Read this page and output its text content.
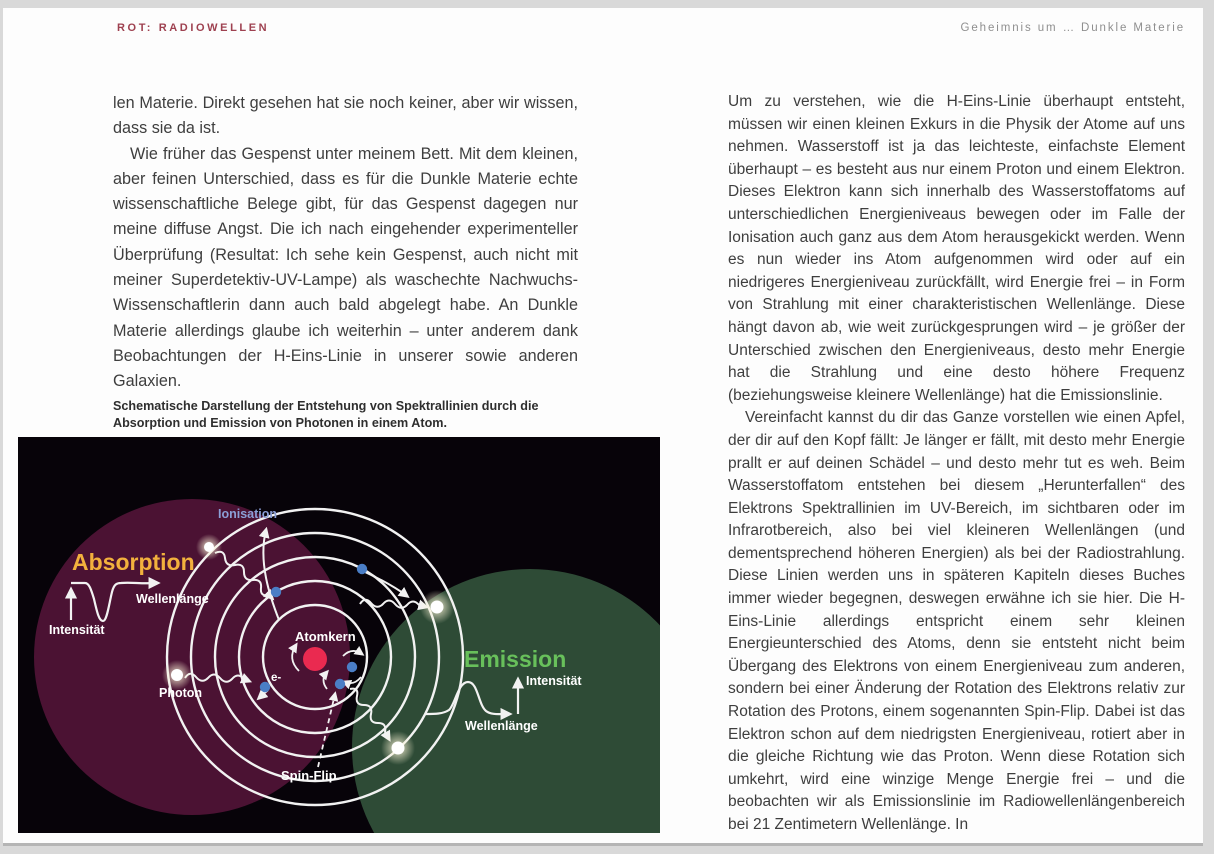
ROT: RADIOWELLEN	Geheimnis um … Dunkle Materie

len Materie. Direkt gesehen hat sie noch keiner, aber wir wissen, dass sie da ist.

Wie früher das Gespenst unter meinem Bett. Mit dem kleinen, aber feinen Unterschied, dass es für die Dunkle Materie echte wissenschaftliche Belege gibt, für das Gespenst dagegen nur meine diffuse Angst. Die ich nach eingehender experimenteller Überprüfung (Resultat: Ich sehe kein Gespenst, auch nicht mit meiner Superdetektiv-UV-Lampe) als waschechte Nachwuchs-Wissenschaftlerin dann auch bald abgelegt habe. An Dunkle Materie allerdings glaube ich weiterhin – unter anderem dank Beobachtungen der H-Eins-Linie in unserer sowie anderen Galaxien.

Schematische Darstellung der Entstehung von Spektrallinien durch die Absorption und Emission von Photonen in einem Atom.
Absorption
Emission
Ionisation
Wellenlänge
Intensität
Photon
e-
Atomkern
Intensität
Wellenlänge
Spin-Flip

Um zu verstehen, wie die H-Eins-Linie überhaupt entsteht, müssen wir einen kleinen Exkurs in die Physik der Atome auf uns nehmen. Wasserstoff ist ja das leichteste, einfachste Element überhaupt – es besteht aus nur einem Proton und einem Elektron. Dieses Elektron kann sich innerhalb des Wasserstoffatoms auf unterschiedlichen Energieniveaus bewegen oder im Falle der Ionisation auch ganz aus dem Atom herausgekickt werden. Wenn es nun wieder ins Atom aufgenommen wird oder auf ein niedrigeres Energieniveau zurückfällt, wird Energie frei – in Form von Strahlung mit einer charakteristischen Wellenlänge. Diese hängt davon ab, wie weit zurückgesprungen wird – je größer der Unterschied zwischen den Energieniveaus, desto mehr Energie hat die Strahlung und eine desto höhere Frequenz (beziehungsweise kleinere Wellenlänge) hat die Emissionslinie.

Vereinfacht kannst du dir das Ganze vorstellen wie einen Apfel, der dir auf den Kopf fällt: Je länger er fällt, mit desto mehr Energie prallt er auf deinen Schädel – und desto mehr tut es weh. Beim Wasserstoffatom entstehen bei diesem „Herunterfallen“ des Elektrons Spektrallinien im UV-Bereich, im sichtbaren oder im Infrarotbereich, also bei viel kleineren Wellenlängen (und dementsprechend höheren Energien) als bei der Radiostrahlung. Diese Linien werden uns in späteren Kapiteln dieses Buches immer wieder begegnen, deswegen erwähne ich sie hier. Die H-Eins-Linie allerdings entspricht einem sehr kleinen Energieunterschied des Atoms, denn sie entsteht nicht beim Übergang des Elektrons von einem Energieniveau zum anderen, sondern bei einer Änderung der Rotation des Elektrons relativ zur Rotation des Protons, einem sogenannten Spin-Flip. Dabei ist das Elektron schon auf dem niedrigsten Energieniveau, rotiert aber in die gleiche Richtung wie das Proton. Wenn diese Rotation sich umkehrt, wird eine winzige Menge Energie frei – und die beobachten wir als Emissionslinie im Radiowellenlängenbereich bei 21 Zentimetern Wellenlänge. In
